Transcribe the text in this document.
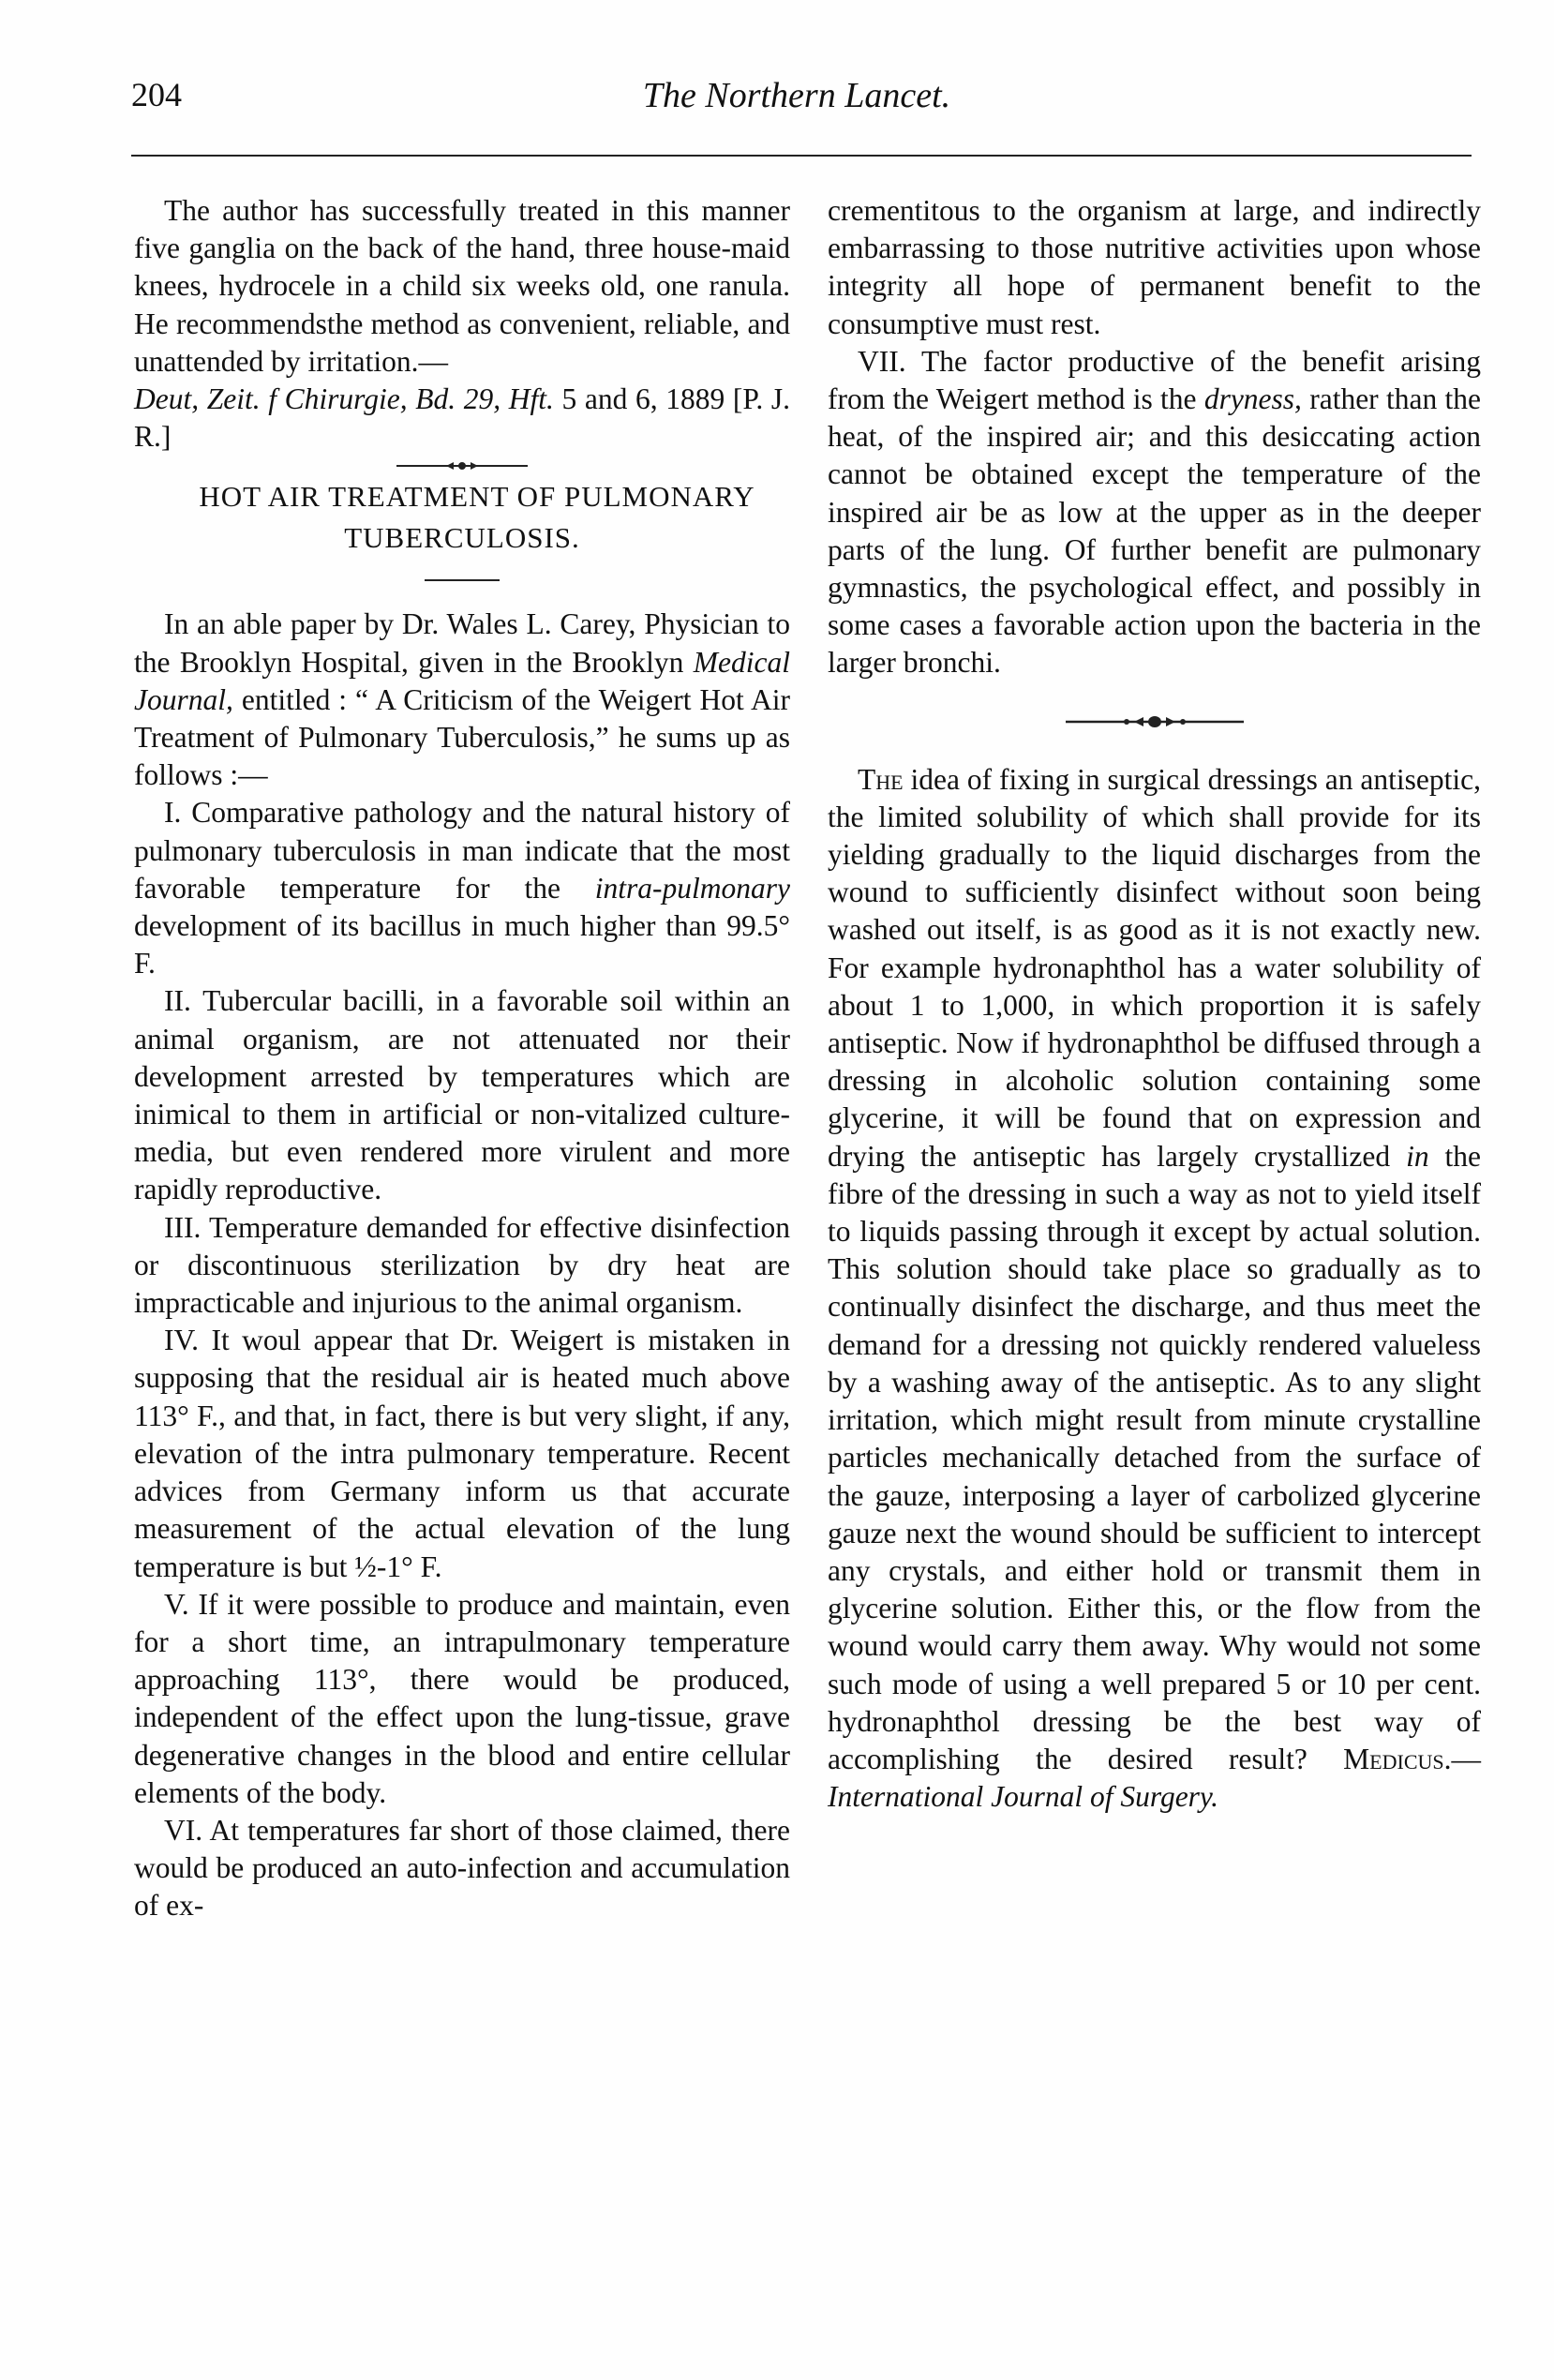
204	The Northern Lancet.

The author has successfully treated in this manner five ganglia on the back of the hand, three house-maid knees, hydrocele in a child six weeks old, one ranula. He recommendsthe method as convenient, reliable, and unattended by irritation.—
Deut, Zeit. f Chirurgie, Bd. 29, Hft. 5 and 6, 1889 [P. J. R.]

HOT AIR TREATMENT OF PULMONARY TUBERCULOSIS.

In an able paper by Dr. Wales L. Carey, Physician to the Brooklyn Hospital, given in the Brooklyn Medical Journal, entitled : “ A Criticism of the Weigert Hot Air Treatment of Pulmonary Tuberculosis,” he sums up as follows :—

I. Comparative pathology and the natural history of pulmonary tuberculosis in man indicate that the most favorable temperature for the intra-pulmonary development of its bacillus in much higher than 99.5° F.

II. Tubercular bacilli, in a favorable soil within an animal organism, are not attenuated nor their development arrested by temperatures which are inimical to them in artificial or non-vitalized culture-media, but even rendered more virulent and more rapidly reproductive.

III. Temperature demanded for effective disinfection or discontinuous sterilization by dry heat are impracticable and injurious to the animal organism.

IV. It woul appear that Dr. Weigert is mistaken in supposing that the residual air is heated much above 113° F., and that, in fact, there is but very slight, if any, elevation of the intra pulmonary temperature. Recent advices from Germany inform us that accurate measurement of the actual elevation of the lung temperature is but ½-1° F.

V. If it were possible to produce and maintain, even for a short time, an intrapulmonary temperature approaching 113°, there would be produced, independent of the effect upon the lung-tissue, grave degenerative changes in the blood and entire cellular elements of the body.

VI. At temperatures far short of those claimed, there would be produced an auto-infection and accumulation of ex-

crementitous to the organism at large, and indirectly embarrassing to those nutritive activities upon whose integrity all hope of permanent benefit to the consumptive must rest.

VII. The factor productive of the benefit arising from the Weigert method is the dryness, rather than the heat, of the inspired air; and this desiccating action cannot be obtained except the temperature of the inspired air be as low at the upper as in the deeper parts of the lung. Of further benefit are pulmonary gymnastics, the psychological effect, and possibly in some cases a favorable action upon the bacteria in the larger bronchi.

The idea of fixing in surgical dressings an antiseptic, the limited solubility of which shall provide for its yielding gradually to the liquid discharges from the wound to sufficiently disinfect without soon being washed out itself, is as good as it is not exactly new. For example hydronaphthol has a water solubility of about 1 to 1,000, in which proportion it is safely antiseptic. Now if hydronaphthol be diffused through a dressing in alcoholic solution containing some glycerine, it will be found that on expression and drying the antiseptic has largely crystallized in the fibre of the dressing in such a way as not to yield itself to liquids passing through it except by actual solution. This solution should take place so gradually as to continually disinfect the discharge, and thus meet the demand for a dressing not quickly rendered valueless by a washing away of the antiseptic. As to any slight irritation, which might result from minute crystalline particles mechanically detached from the surface of the gauze, interposing a layer of carbolized glycerine gauze next the wound should be sufficient to intercept any crystals, and either hold or transmit them in glycerine solution. Either this, or the flow from the wound would carry them away. Why would not some such mode of using a well prepared 5 or 10 per cent. hydronaphthol dressing be the best way of accomplishing the desired result? Medicus.—International Journal of Surgery.
